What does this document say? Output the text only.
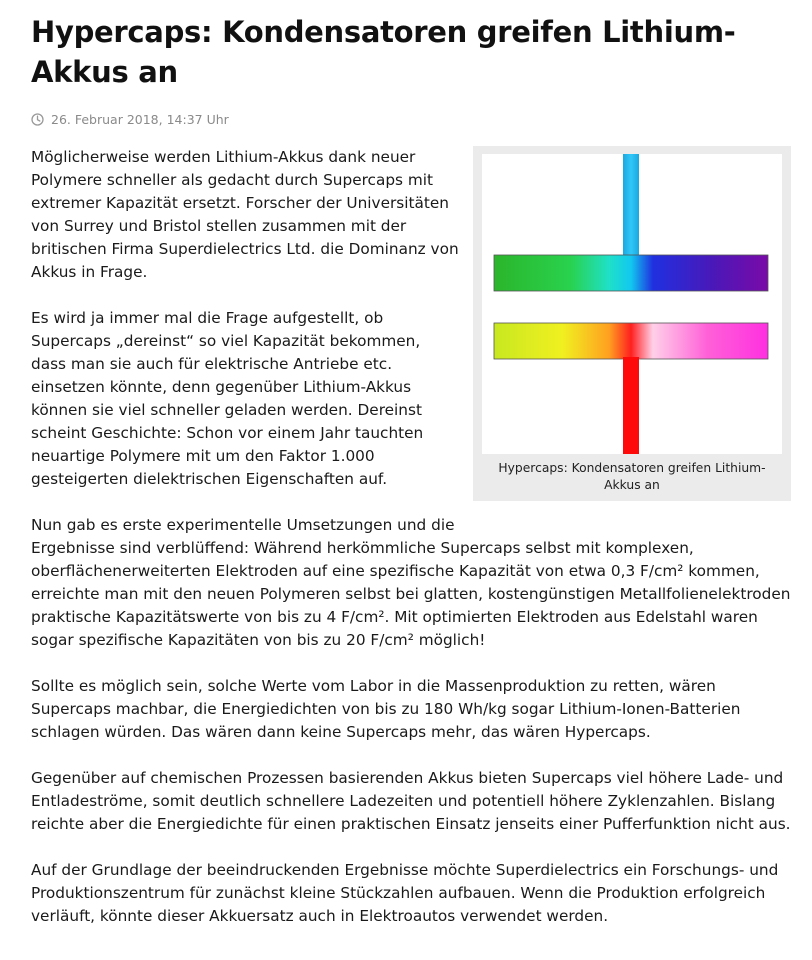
Hypercaps: Kondensatoren greifen Lithium-Akkus an
26. Februar 2018, 14:37 Uhr
Hypercaps: Kondensatoren greifen Lithium-Akkus an

Möglicherweise werden Lithium-Akkus dank neuer Polymere schneller als gedacht durch Supercaps mit extremer Kapazität ersetzt. Forscher der Universitäten von Surrey und Bristol stellen zusammen mit der britischen Firma Superdielectrics Ltd. die Dominanz von Akkus in Frage.

Es wird ja immer mal die Frage aufgestellt, ob Supercaps „dereinst“ so viel Kapazität bekommen, dass man sie auch für elektrische Antriebe etc. einsetzen könnte, denn gegenüber Lithium-Akkus können sie viel schneller geladen werden. Dereinst scheint Geschichte: Schon vor einem Jahr tauchten neuartige Polymere mit um den Faktor 1.000 gesteigerten dielektrischen Eigenschaften auf.

Nun gab es erste experimentelle Umsetzungen und die Ergebnisse sind verblüffend: Während herkömmliche Supercaps selbst mit komplexen, oberflächenerweiterten Elektroden auf eine spezifische Kapazität von etwa 0,3 F/cm² kommen, erreichte man mit den neuen Polymeren selbst bei glatten, kostengünstigen Metallfolienelektroden praktische Kapazitätswerte von bis zu 4 F/cm². Mit optimierten Elektroden aus Edelstahl waren sogar spezifische Kapazitäten von bis zu 20 F/cm² möglich!

Sollte es möglich sein, solche Werte vom Labor in die Massenproduktion zu retten, wären Supercaps machbar, die Energiedichten von bis zu 180 Wh/kg sogar Lithium-Ionen-Batterien schlagen würden. Das wären dann keine Supercaps mehr, das wären Hypercaps.

Gegenüber auf chemischen Prozessen basierenden Akkus bieten Supercaps viel höhere Lade- und Entladeströme, somit deutlich schnellere Ladezeiten und potentiell höhere Zyklenzahlen. Bislang reichte aber die Energiedichte für einen praktischen Einsatz jenseits einer Pufferfunktion nicht aus.

Auf der Grundlage der beeindruckenden Ergebnisse möchte Superdielectrics ein Forschungs- und Produktionszentrum für zunächst kleine Stückzahlen aufbauen. Wenn die Produktion erfolgreich verläuft, könnte dieser Akkuersatz auch in Elektroautos verwendet werden.
